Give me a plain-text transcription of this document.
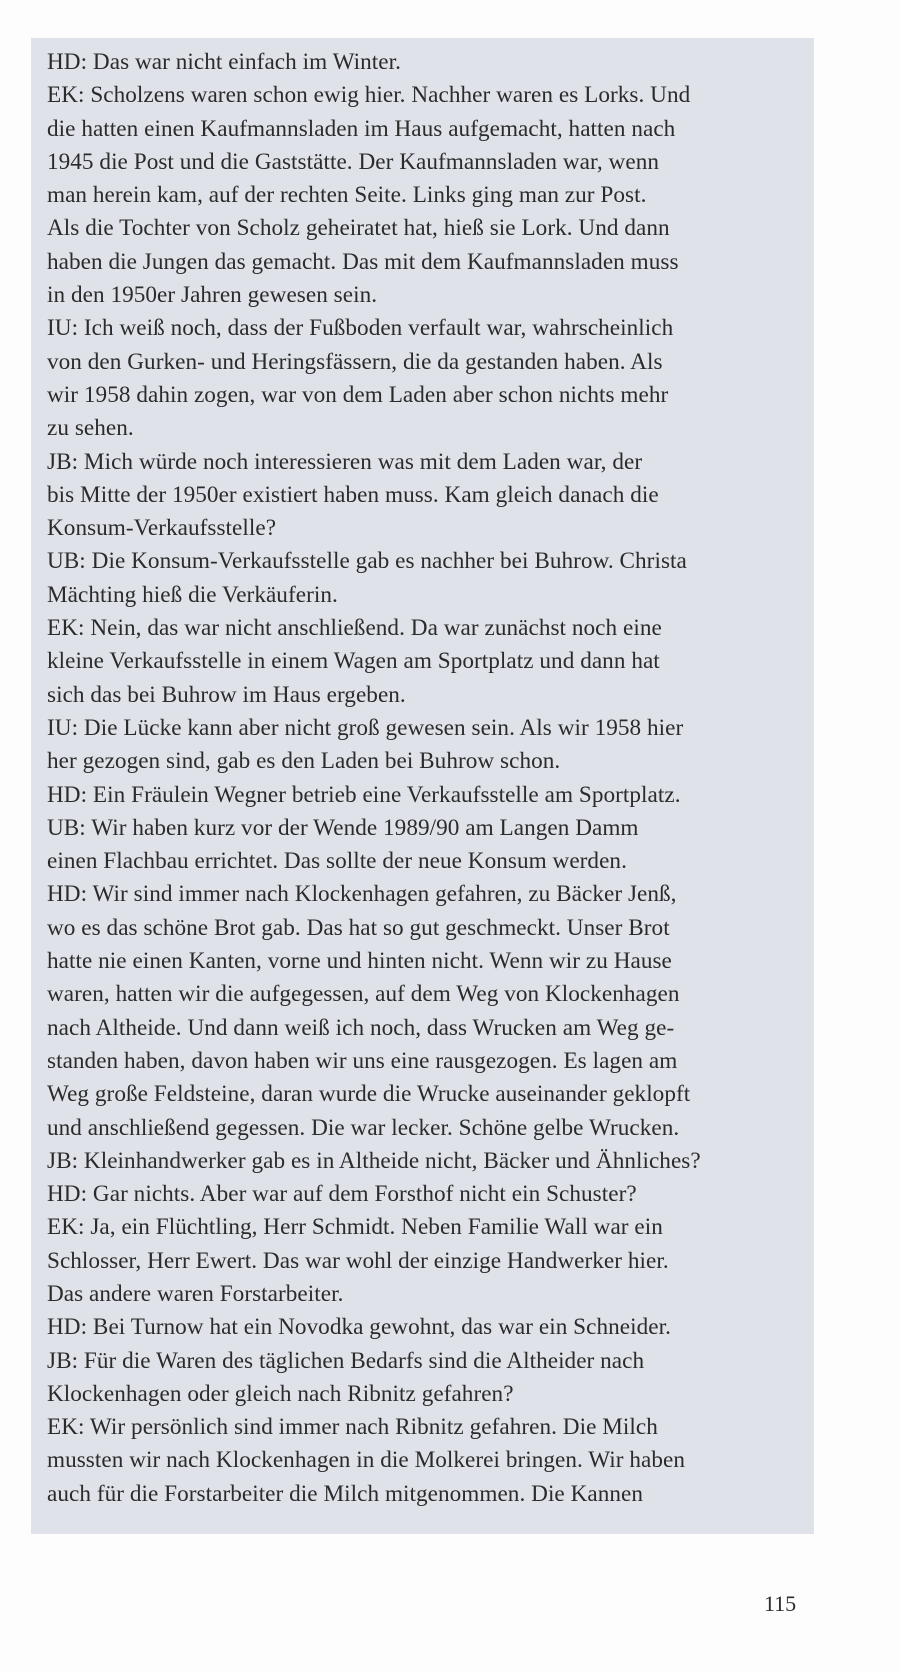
HD: Das war nicht einfach im Winter.
EK: Scholzens waren schon ewig hier. Nachher waren es Lorks. Und
die hatten einen Kaufmannsladen im Haus aufgemacht, hatten nach
1945 die Post und die Gaststätte. Der Kaufmannsladen war, wenn
man herein kam, auf der rechten Seite. Links ging man zur Post.
Als die Tochter von Scholz geheiratet hat, hieß sie Lork. Und dann
haben die Jungen das gemacht. Das mit dem Kaufmannsladen muss
in den 1950er Jahren gewesen sein.
IU: Ich weiß noch, dass der Fußboden verfault war, wahrscheinlich
von den Gurken- und Heringsfässern, die da gestanden haben. Als
wir 1958 dahin zogen, war von dem Laden aber schon nichts mehr
zu sehen.
JB: Mich würde noch interessieren was mit dem Laden war, der
bis Mitte der 1950er existiert haben muss. Kam gleich danach die
Konsum-Verkaufsstelle?
UB: Die Konsum-Verkaufsstelle gab es nachher bei Buhrow. Christa
Mächting hieß die Verkäuferin.
EK: Nein, das war nicht anschließend. Da war zunächst noch eine
kleine Verkaufsstelle in einem Wagen am Sportplatz und dann hat
sich das bei Buhrow im Haus ergeben.
IU: Die Lücke kann aber nicht groß gewesen sein. Als wir 1958 hier
her gezogen sind, gab es den Laden bei Buhrow schon.
HD: Ein Fräulein Wegner betrieb eine Verkaufsstelle am Sportplatz.
UB: Wir haben kurz vor der Wende 1989/90 am Langen Damm
einen Flachbau errichtet. Das sollte der neue Konsum werden.
HD: Wir sind immer nach Klockenhagen gefahren, zu Bäcker Jenß,
wo es das schöne Brot gab. Das hat so gut geschmeckt. Unser Brot
hatte nie einen Kanten, vorne und hinten nicht. Wenn wir zu Hause
waren, hatten wir die aufgegessen, auf dem Weg von Klockenhagen
nach Altheide. Und dann weiß ich noch, dass Wrucken am Weg ge-
standen haben, davon haben wir uns eine rausgezogen. Es lagen am
Weg große Feldsteine, daran wurde die Wrucke auseinander geklopft
und anschließend gegessen. Die war lecker. Schöne gelbe Wrucken.
JB: Kleinhandwerker gab es in Altheide nicht, Bäcker und Ähnliches?
HD: Gar nichts. Aber war auf dem Forsthof nicht ein Schuster?
EK: Ja, ein Flüchtling, Herr Schmidt. Neben Familie Wall war ein
Schlosser, Herr Ewert. Das war wohl der einzige Handwerker hier.
Das andere waren Forstarbeiter.
HD: Bei Turnow hat ein Novodka gewohnt, das war ein Schneider.
JB: Für die Waren des täglichen Bedarfs sind die Altheider nach
Klockenhagen oder gleich nach Ribnitz gefahren?
EK: Wir persönlich sind immer nach Ribnitz gefahren. Die Milch
mussten wir nach Klockenhagen in die Molkerei bringen. Wir haben
auch für die Forstarbeiter die Milch mitgenommen. Die Kannen
115
